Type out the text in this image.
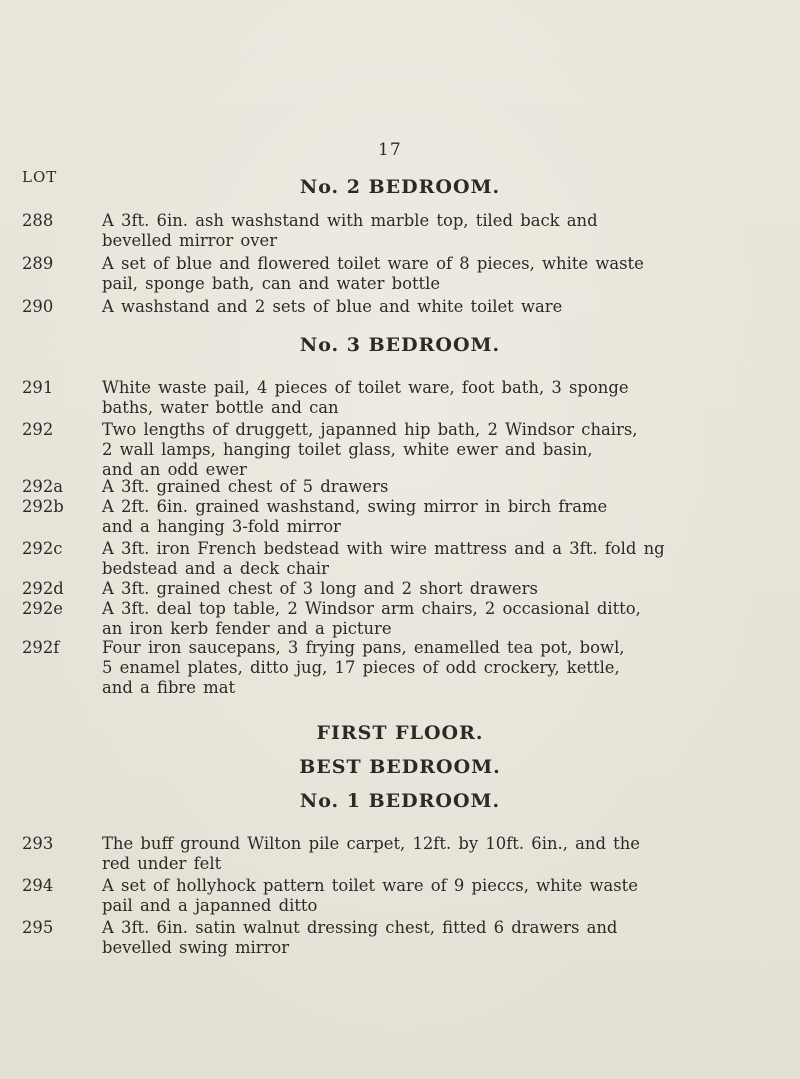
17
LOT	No. 2 BEDROOM.
288	A 3ft. 6in. ash washstand with marble top, tiled back and
bevelled mirror over
289	A set of blue and flowered toilet ware of 8 pieces, white waste
pail, sponge bath, can and water bottle
290	A washstand and 2 sets of blue and white toilet ware
No. 3 BEDROOM.
291	White waste pail, 4 pieces of toilet ware, foot bath, 3 sponge
baths, water bottle and can
292	Two lengths of druggett, japanned hip bath, 2 Windsor chairs,
2 wall lamps, hanging toilet glass, white ewer and basin,
and an odd ewer
292a	A 3ft. grained chest of 5 drawers
292b	A 2ft. 6in. grained washstand, swing mirror in birch frame
and a hanging 3-fold mirror
292c	A 3ft. iron French bedstead with wire mattress and a 3ft. fold ng
bedstead and a deck chair
292d	A 3ft. grained chest of 3 long and 2 short drawers
292e	A 3ft. deal top table, 2 Windsor arm chairs, 2 occasional ditto,
an iron kerb fender and a picture
292f	Four iron saucepans, 3 frying pans, enamelled tea pot, bowl,
5 enamel plates, ditto jug, 17 pieces of odd crockery, kettle,
and a fibre mat
FIRST FLOOR.
BEST BEDROOM.
No. 1 BEDROOM.
293	The buff ground Wilton pile carpet, 12ft. by 10ft. 6in., and the
red under felt
294	A set of hollyhock pattern toilet ware of 9 pieccs, white waste
pail and a japanned ditto
295	A 3ft. 6in. satin walnut dressing chest, fitted 6 drawers and
bevelled swing mirror
